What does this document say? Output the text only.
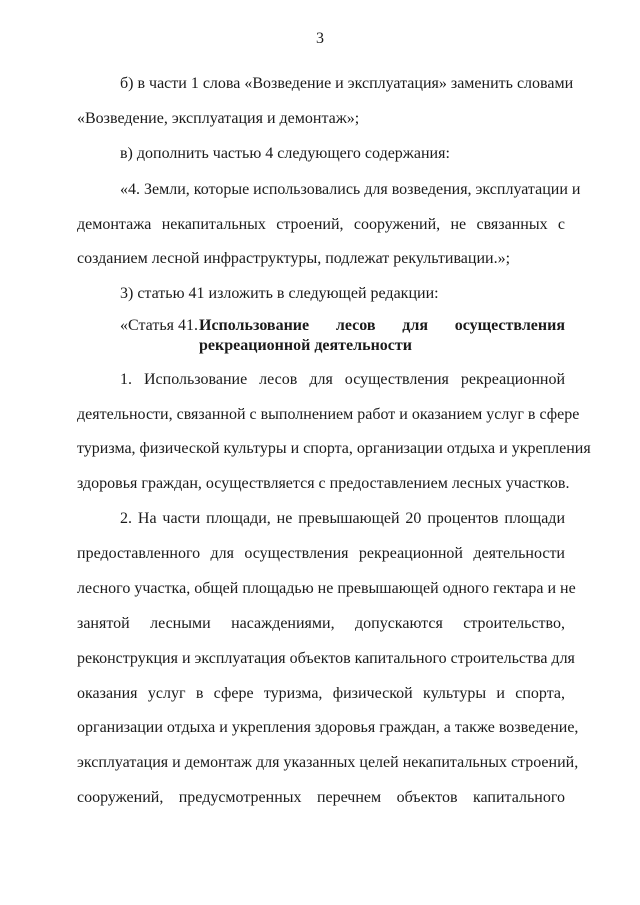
3
б) в части 1 слова «Возведение и эксплуатация» заменить словами
«Возведение, эксплуатация и демонтаж»;
в) дополнить частью 4 следующего содержания:
«4. Земли, которые использовались для возведения, эксплуатации и
демонтажа некапитальных строений, сооружений, не связанных с
созданием лесной инфраструктуры, подлежат рекультивации.»;
3) статью 41 изложить в следующей редакции:
«Статья 41. Использование лесов для осуществления
рекреационной деятельности
1. Использование лесов для осуществления рекреационной
деятельности, связанной с выполнением работ и оказанием услуг в сфере
туризма, физической культуры и спорта, организации отдыха и укрепления
здоровья граждан, осуществляется с предоставлением лесных участков.
2. На части площади, не превышающей 20 процентов площади
предоставленного для осуществления рекреационной деятельности
лесного участка, общей площадью не превышающей одного гектара и не
занятой лесными насаждениями, допускаются строительство,
реконструкция и эксплуатация объектов капитального строительства для
оказания услуг в сфере туризма, физической культуры и спорта,
организации отдыха и укрепления здоровья граждан, а также возведение,
эксплуатация и демонтаж для указанных целей некапитальных строений,
сооружений, предусмотренных перечнем объектов капитального
